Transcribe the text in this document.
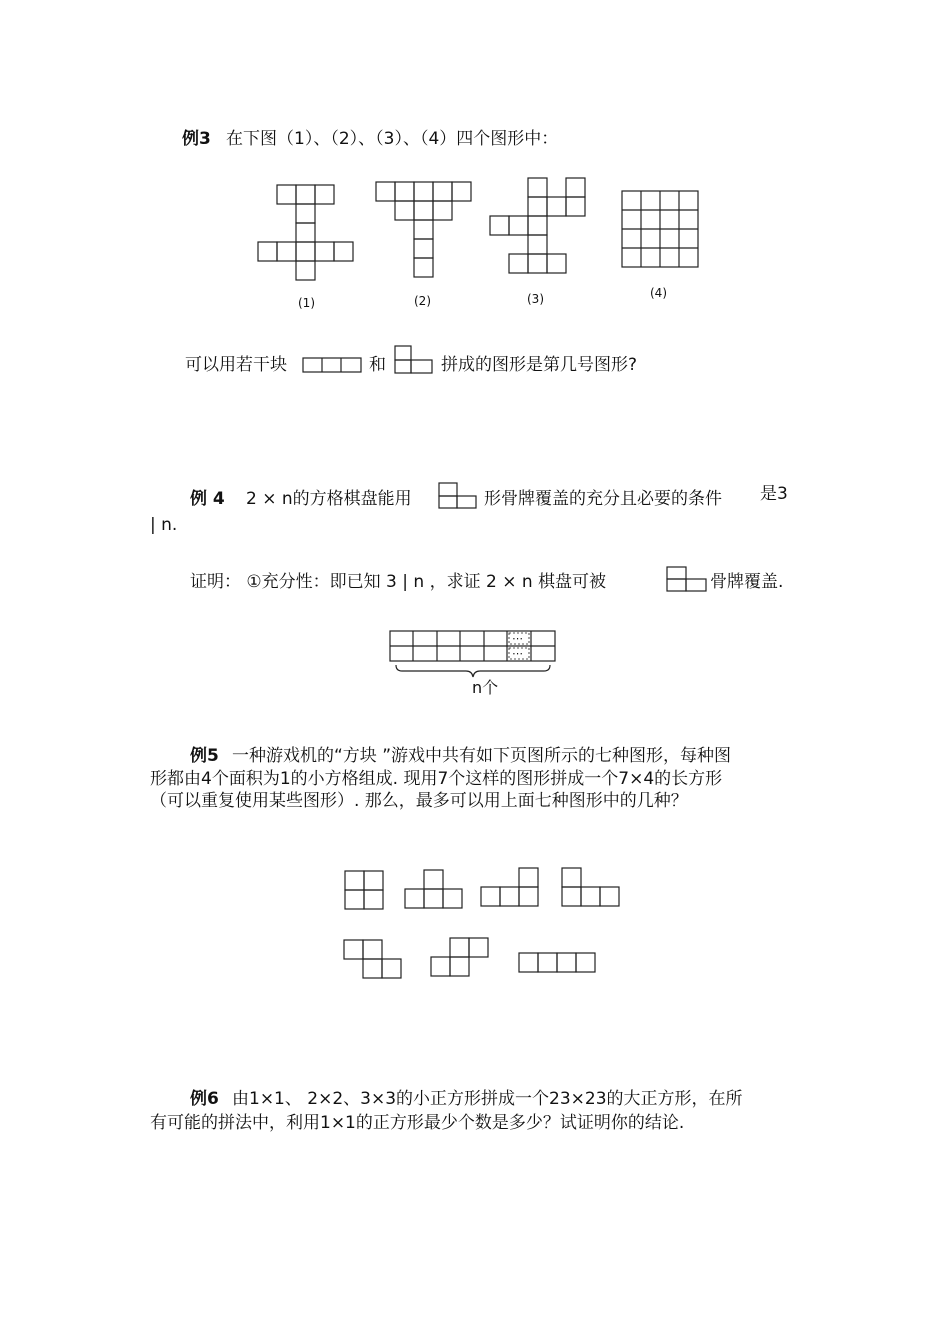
例3 在下图（1）、（2）、（3）、（4）四个图形中：
(1)	(2)	(3)	(4)
⋯
⋯
n个
可以用若干块	和	拼成的图形是第几号图形?
例 4 2 × n的方格棋盘能用	形骨牌覆盖的充分且必要的条件 是3
| n.
证明： ①充分性：即已知 3 | n ，求证 2 × n 棋盘可被	骨牌覆盖.
例5 一种游戏机的“方块 ”游戏中共有如下页图所示的七种图形，每种图
形都由4个面积为1的小方格组成. 现用7个这样的图形拼成一个7×4的长方形
（可以重复使用某些图形）. 那么，最多可以用上面七种图形中的几种？
例6 由1×1、 2×2、3×3的小正方形拼成一个23×23的大正方形，在所
有可能的拼法中，利用1×1的正方形最少个数是多少？试证明你的结论.
